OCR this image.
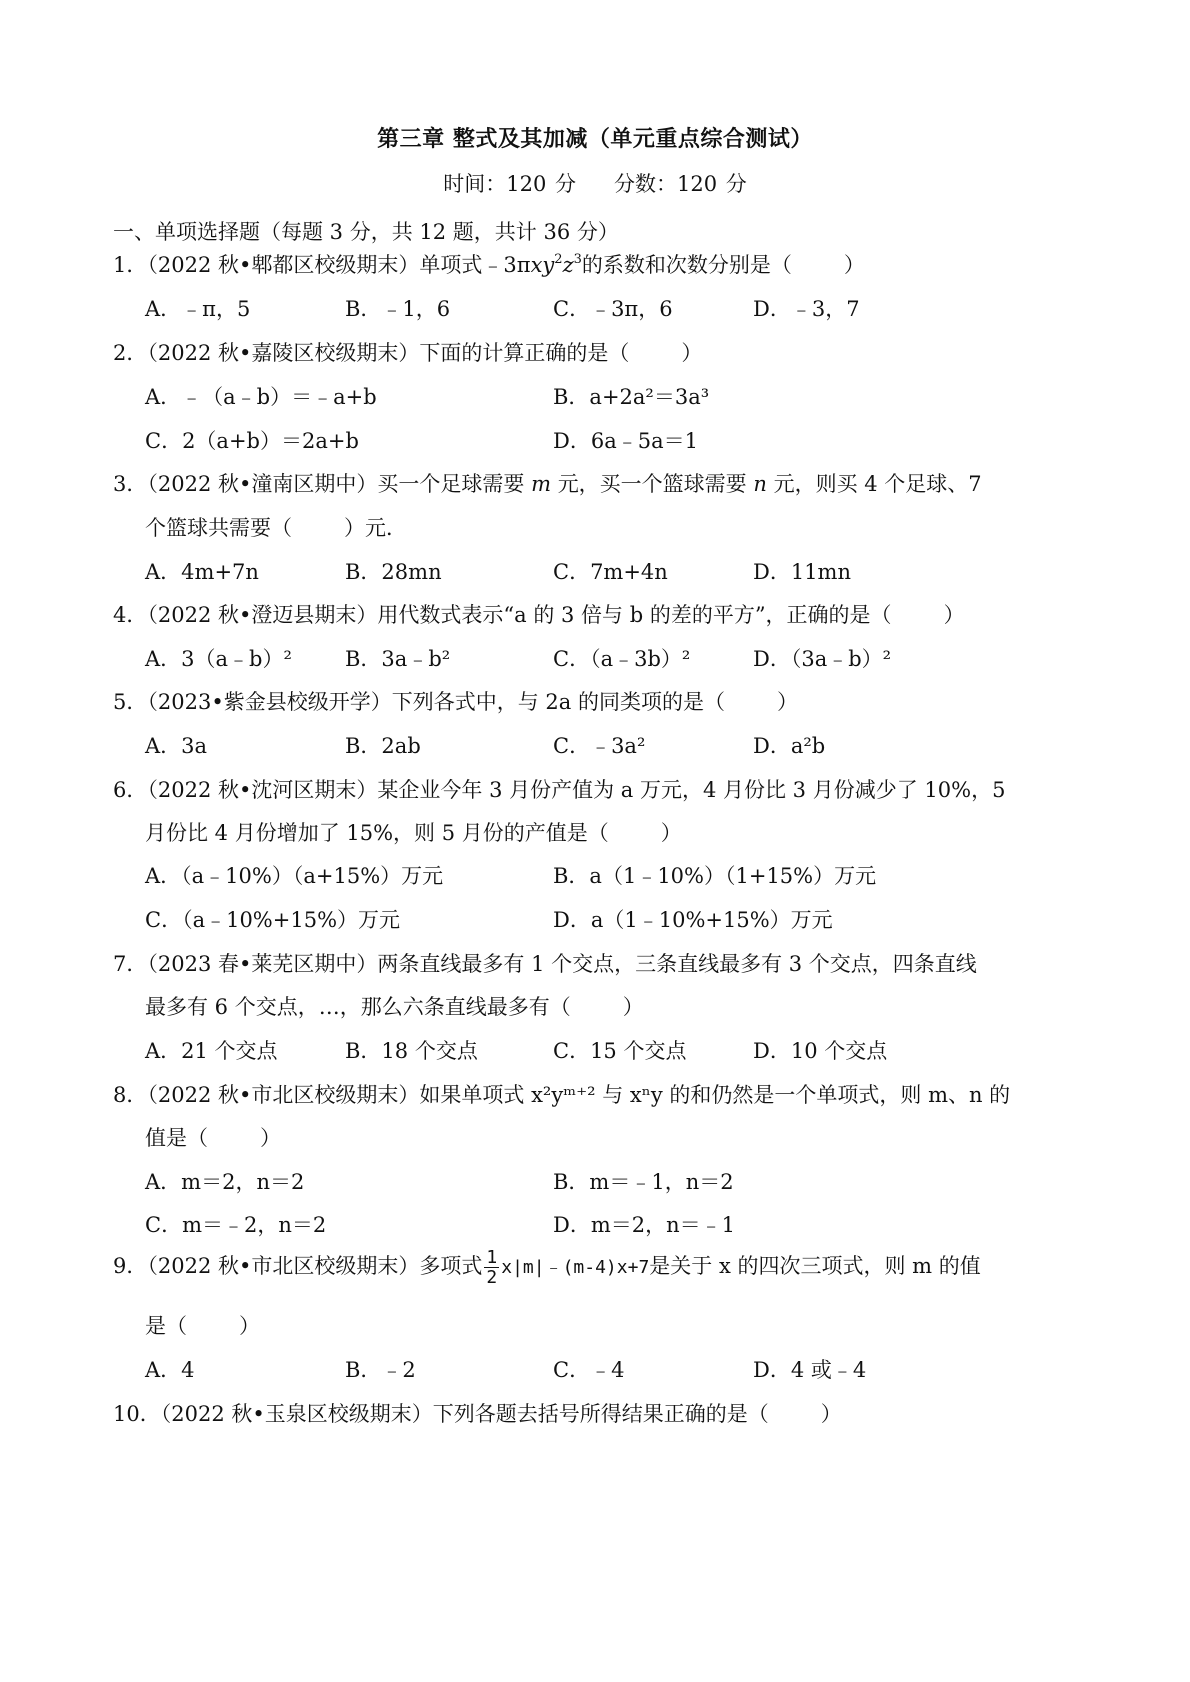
第三章 整式及其加减（单元重点综合测试）
时间：120 分 分数：120 分
一、单项选择题（每题 3 分，共 12 题，共计 36 分）
1．（2022 秋•郫都区校级期末）单项式$﹣3\pi xy^2z^3$的系数和次数分别是（ ）
A．﹣π，5	B．﹣1，6	C．﹣3π，6	D．﹣3，7
2．（2022 秋•嘉陵区校级期末）下面的计算正确的是（ ）
A．﹣（a﹣b）＝﹣a+b	B．a+2a²＝3a³
C．2（a+b）＝2a+b	D．6a﹣5a＝1
3．（2022 秋•潼南区期中）买一个足球需要 m 元，买一个篮球需要 n 元，则买 4 个足球、7
个篮球共需要（ ）元．
A．4m+7n	B．28mn	C．7m+4n	D．11mn
4．（2022 秋•澄迈县期末）用代数式表示“a 的 3 倍与 b 的差的平方”，正确的是（ ）
A．3（a﹣b）²	B．3a﹣b²	C．（a﹣3b）²	D．（3a﹣b）²
5．（2023•紫金县校级开学）下列各式中，与 2a 的同类项的是（ ）
A．3a	B．2ab	C．﹣3a²	D．a²b
6．（2022 秋•沈河区期末）某企业今年 3 月份产值为 a 万元，4 月份比 3 月份减少了 10%，5
月份比 4 月份增加了 15%，则 5 月份的产值是（ ）
A．（a﹣10%）（a+15%）万元	B．a（1﹣10%）（1+15%）万元
C．（a﹣10%+15%）万元	D．a（1﹣10%+15%）万元
7．（2023 春•莱芜区期中）两条直线最多有 1 个交点，三条直线最多有 3 个交点，四条直线
最多有 6 个交点，…，那么六条直线最多有（ ）
A．21 个交点	B．18 个交点	C．15 个交点	D．10 个交点
8．（2022 秋•市北区校级期末）如果单项式 x²yᵐ⁺² 与 xⁿy 的和仍然是一个单项式，则 m、n 的
值是（ ）
A．m＝2，n＝2	B．m＝﹣1，n＝2
C．m＝﹣2，n＝2	D．m＝2，n＝﹣1
9．（2022 秋•市北区校级期末）多项式 $\frac{1}{2}$ x|m|﹣(m-4)x+7是关于 x 的四次三项式，则 m 的值
是（ ）
A．4	B．﹣2	C．﹣4	D．4 或﹣4
10．（2022 秋•玉泉区校级期末）下列各题去括号所得结果正确的是（ ）
